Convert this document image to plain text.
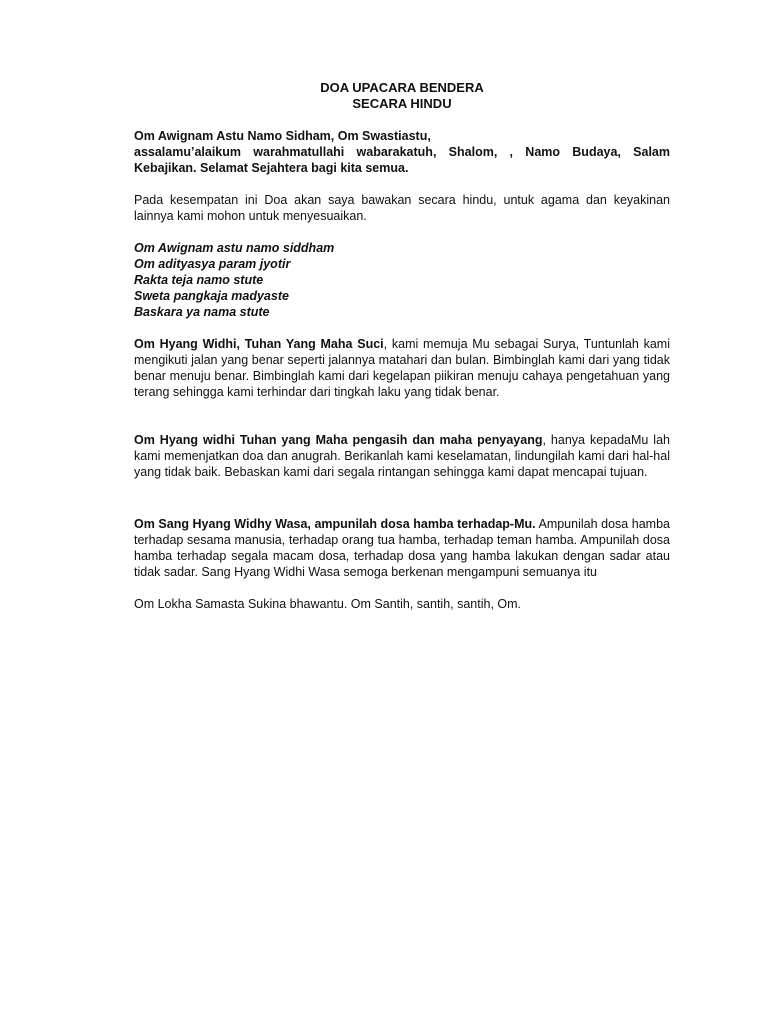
DOA UPACARA BENDERA

SECARA HINDU

Om Awignam Astu Namo Sidham, Om Swastiastu,
assalamu’alaikum warahmatullahi wabarakatuh, Shalom, , Namo Budaya, Salam
Kebajikan. Selamat Sejahtera bagi kita semua.

Pada kesempatan ini Doa akan saya bawakan secara hindu, untuk agama dan keyakinan lainnya kami mohon untuk menyesuaikan.

Om Awignam astu namo siddham
Om adityasya param jyotir
Rakta teja namo stute
Sweta pangkaja madyaste
Baskara ya nama stute

Om Hyang Widhi, Tuhan Yang Maha Suci, kami memuja Mu sebagai Surya, Tuntunlah kami mengikuti jalan yang benar seperti jalannya matahari dan bulan. Bimbinglah kami dari yang tidak benar menuju benar. Bimbinglah kami dari kegelapan piikiran menuju cahaya pengetahuan yang terang sehingga kami terhindar dari tingkah laku yang tidak benar.

Om Hyang widhi Tuhan yang Maha pengasih dan maha penyayang, hanya kepadaMu lah kami memenjatkan doa dan anugrah. Berikanlah kami keselamatan, lindungilah kami dari hal-hal yang tidak baik. Bebaskan kami dari segala rintangan sehingga kami dapat mencapai tujuan.

Om Sang Hyang Widhy Wasa, ampunilah dosa hamba terhadap-Mu. Ampunilah dosa hamba terhadap sesama manusia, terhadap orang tua hamba, terhadap teman hamba. Ampunilah dosa hamba terhadap segala macam dosa, terhadap dosa yang hamba lakukan dengan sadar atau tidak sadar. Sang Hyang Widhi Wasa semoga berkenan mengampuni semuanya itu

Om Lokha Samasta Sukina bhawantu. Om Santih, santih, santih, Om.
